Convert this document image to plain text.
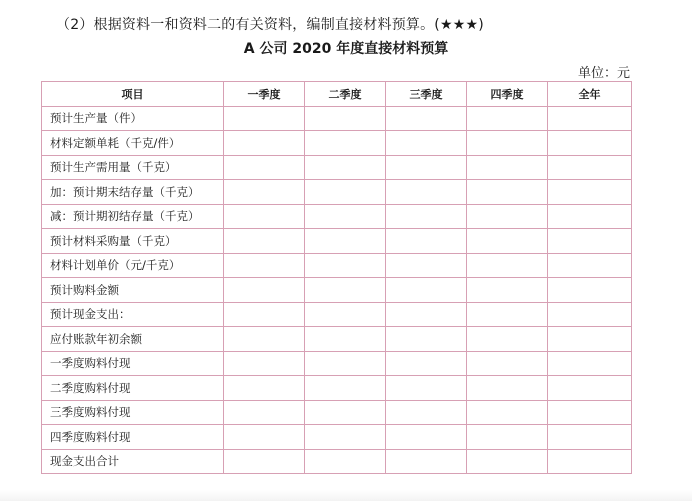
（2）根据资料一和资料二的有关资料，编制直接材料预算。(★★★)
A 公司 2020 年度直接材料预算
单位：元
项目	一季度	二季度	三季度	四季度	全年
预计生产量（件）					
材料定额单耗（千克/件）					
预计生产需用量（千克）					
加：预计期末结存量（千克）					
减：预计期初结存量（千克）					
预计材料采购量（千克）					
材料计划单价（元/千克）					
预计购料金额					
预计现金支出：					
应付账款年初余额					
一季度购料付现					
二季度购料付现					
三季度购料付现					
四季度购料付现					
现金支出合计					
